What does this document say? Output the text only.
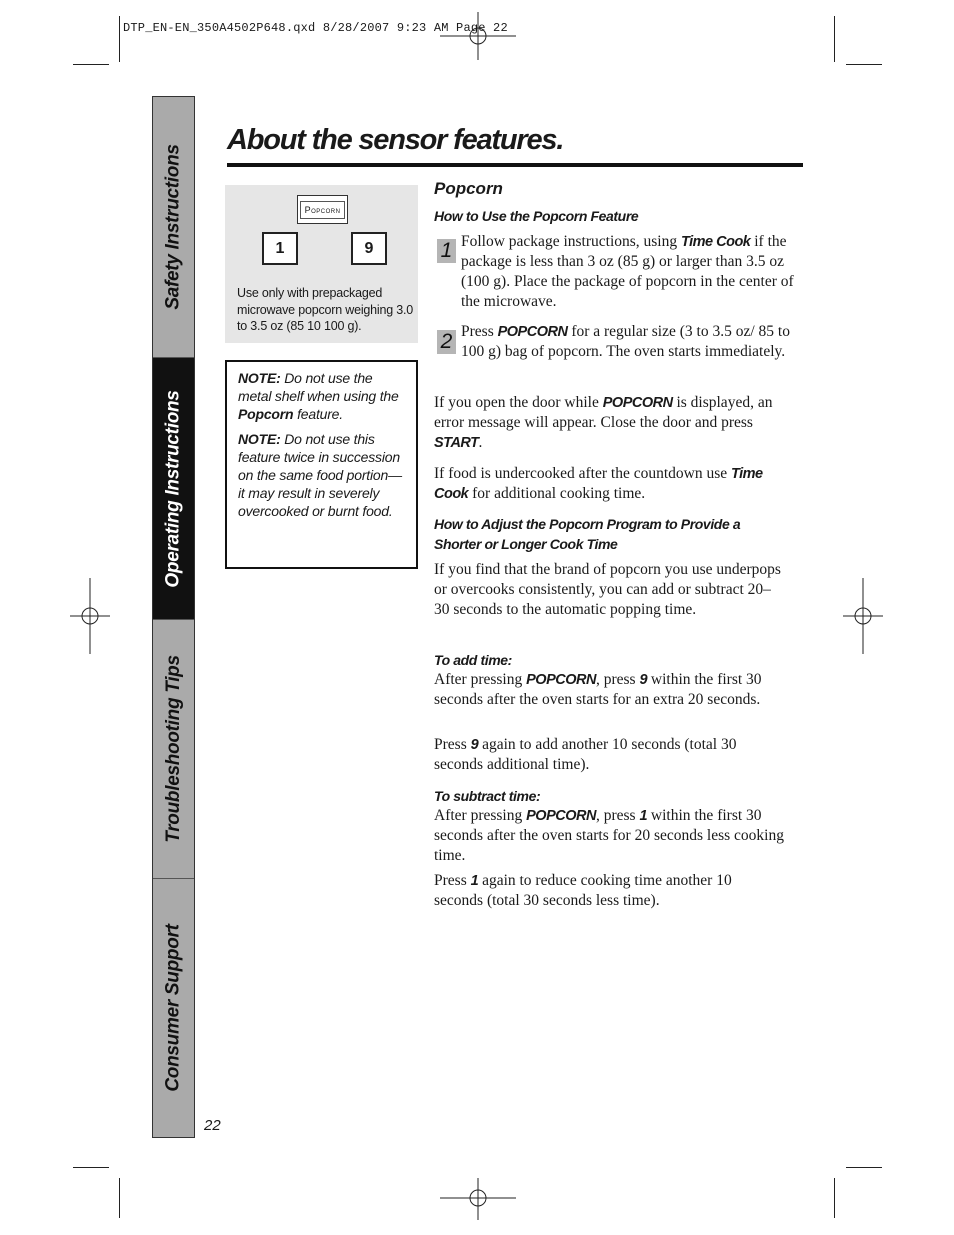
DTP_EN-EN_350A4502P648.qxd 8/28/2007 9:23 AM Page 22
Safety Instructions
Operating Instructions
Troubleshooting Tips
Consumer Support
About the sensor features.
Popcorn
1	9
Use only with prepackaged microwave popcorn weighing 3.0 to 3.5 oz (85 10 100 g).

NOTE: Do not use the metal shelf when using the Popcorn feature.

NOTE: Do not use this feature twice in succession on the same food portion—it may result in severely overcooked or burnt food.

Popcorn
How to Use the Popcorn Feature
1 Follow package instructions, using Time Cook if the package is less than 3 oz (85 g) or larger than 3.5 oz (100 g). Place the package of popcorn in the center of the microwave.
2 Press POPCORN for a regular size (3 to 3.5 oz/ 85 to 100 g) bag of popcorn. The oven starts immediately.
If you open the door while POPCORN is displayed, an error message will appear. Close the door and press START.
If food is undercooked after the countdown use Time Cook for additional cooking time.
How to Adjust the Popcorn Program to Provide a Shorter or Longer Cook Time
If you find that the brand of popcorn you use underpops or overcooks consistently, you can add or subtract 20–30 seconds to the automatic popping time.
To add time:
After pressing POPCORN, press 9 within the first 30 seconds after the oven starts for an extra 20 seconds.
Press 9 again to add another 10 seconds (total 30 seconds additional time).
To subtract time:
After pressing POPCORN, press 1 within the first 30 seconds after the oven starts for 20 seconds less cooking time.
Press 1 again to reduce cooking time another 10 seconds (total 30 seconds less time).
22
